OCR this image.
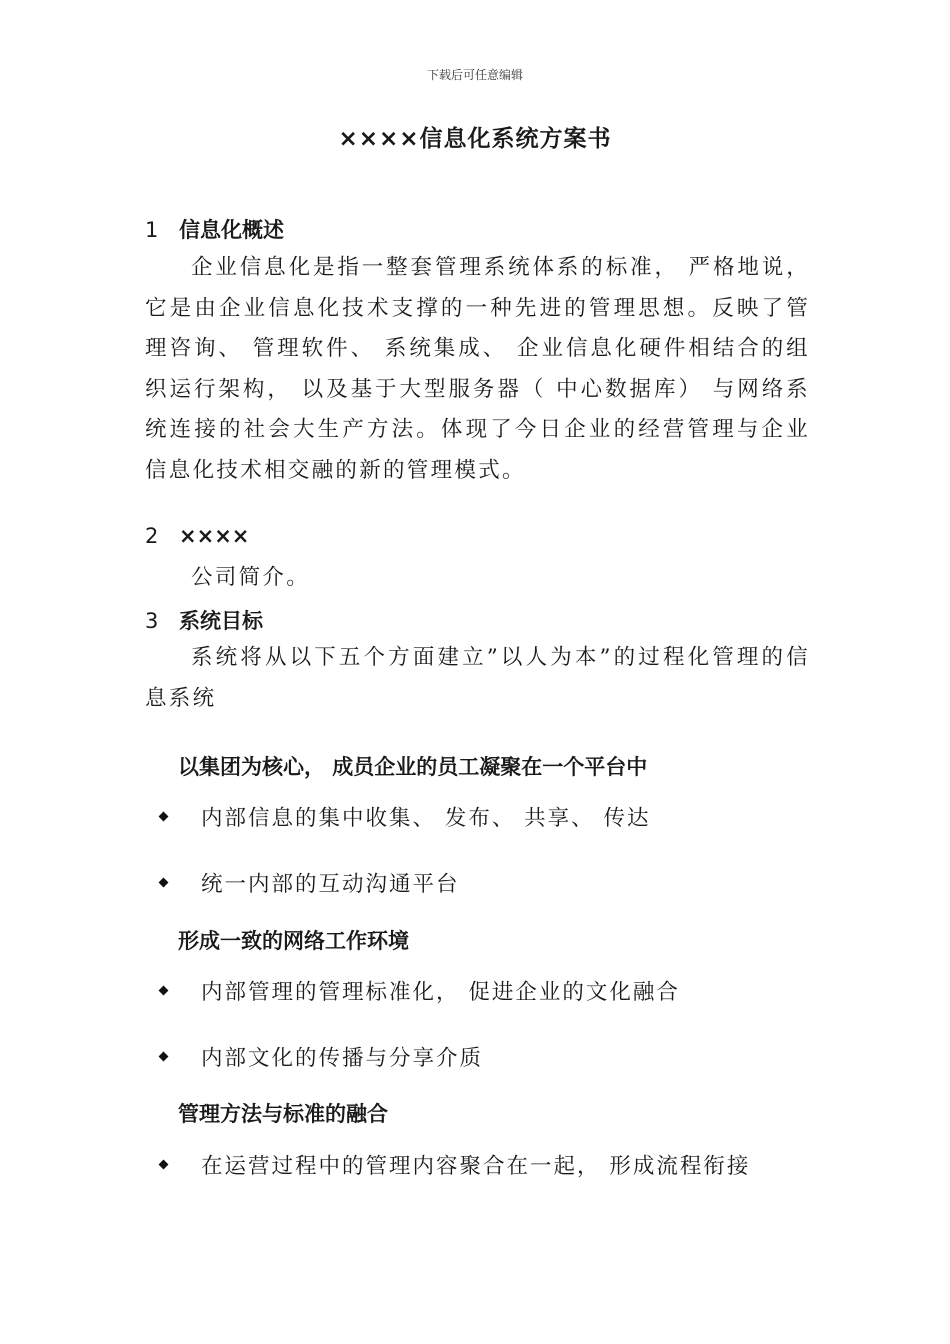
下载后可任意编辑
××××信息化系统方案书
1 信息化概述
企业信息化是指一整套管理系统体系的标准， 严格地说，它是由企业信息化技术支撑的一种先进的管理思想。反映了管理咨询、 管理软件、 系统集成、 企业信息化硬件相结合的组织运行架构， 以及基于大型服务器（ 中心数据库） 与网络系统连接的社会大生产方法。体现了今日企业的经营管理与企业信息化技术相交融的新的管理模式。
2 ××××
公司简介。
3 系统目标
系统将从以下五个方面建立”以人为本”的过程化管理的信息系统
以集团为核心， 成员企业的员工凝聚在一个平台中
内部信息的集中收集、 发布、 共享、 传达
统一内部的互动沟通平台
形成一致的网络工作环境
内部管理的管理标准化， 促进企业的文化融合
内部文化的传播与分享介质
管理方法与标准的融合
在运营过程中的管理内容聚合在一起， 形成流程衔接
